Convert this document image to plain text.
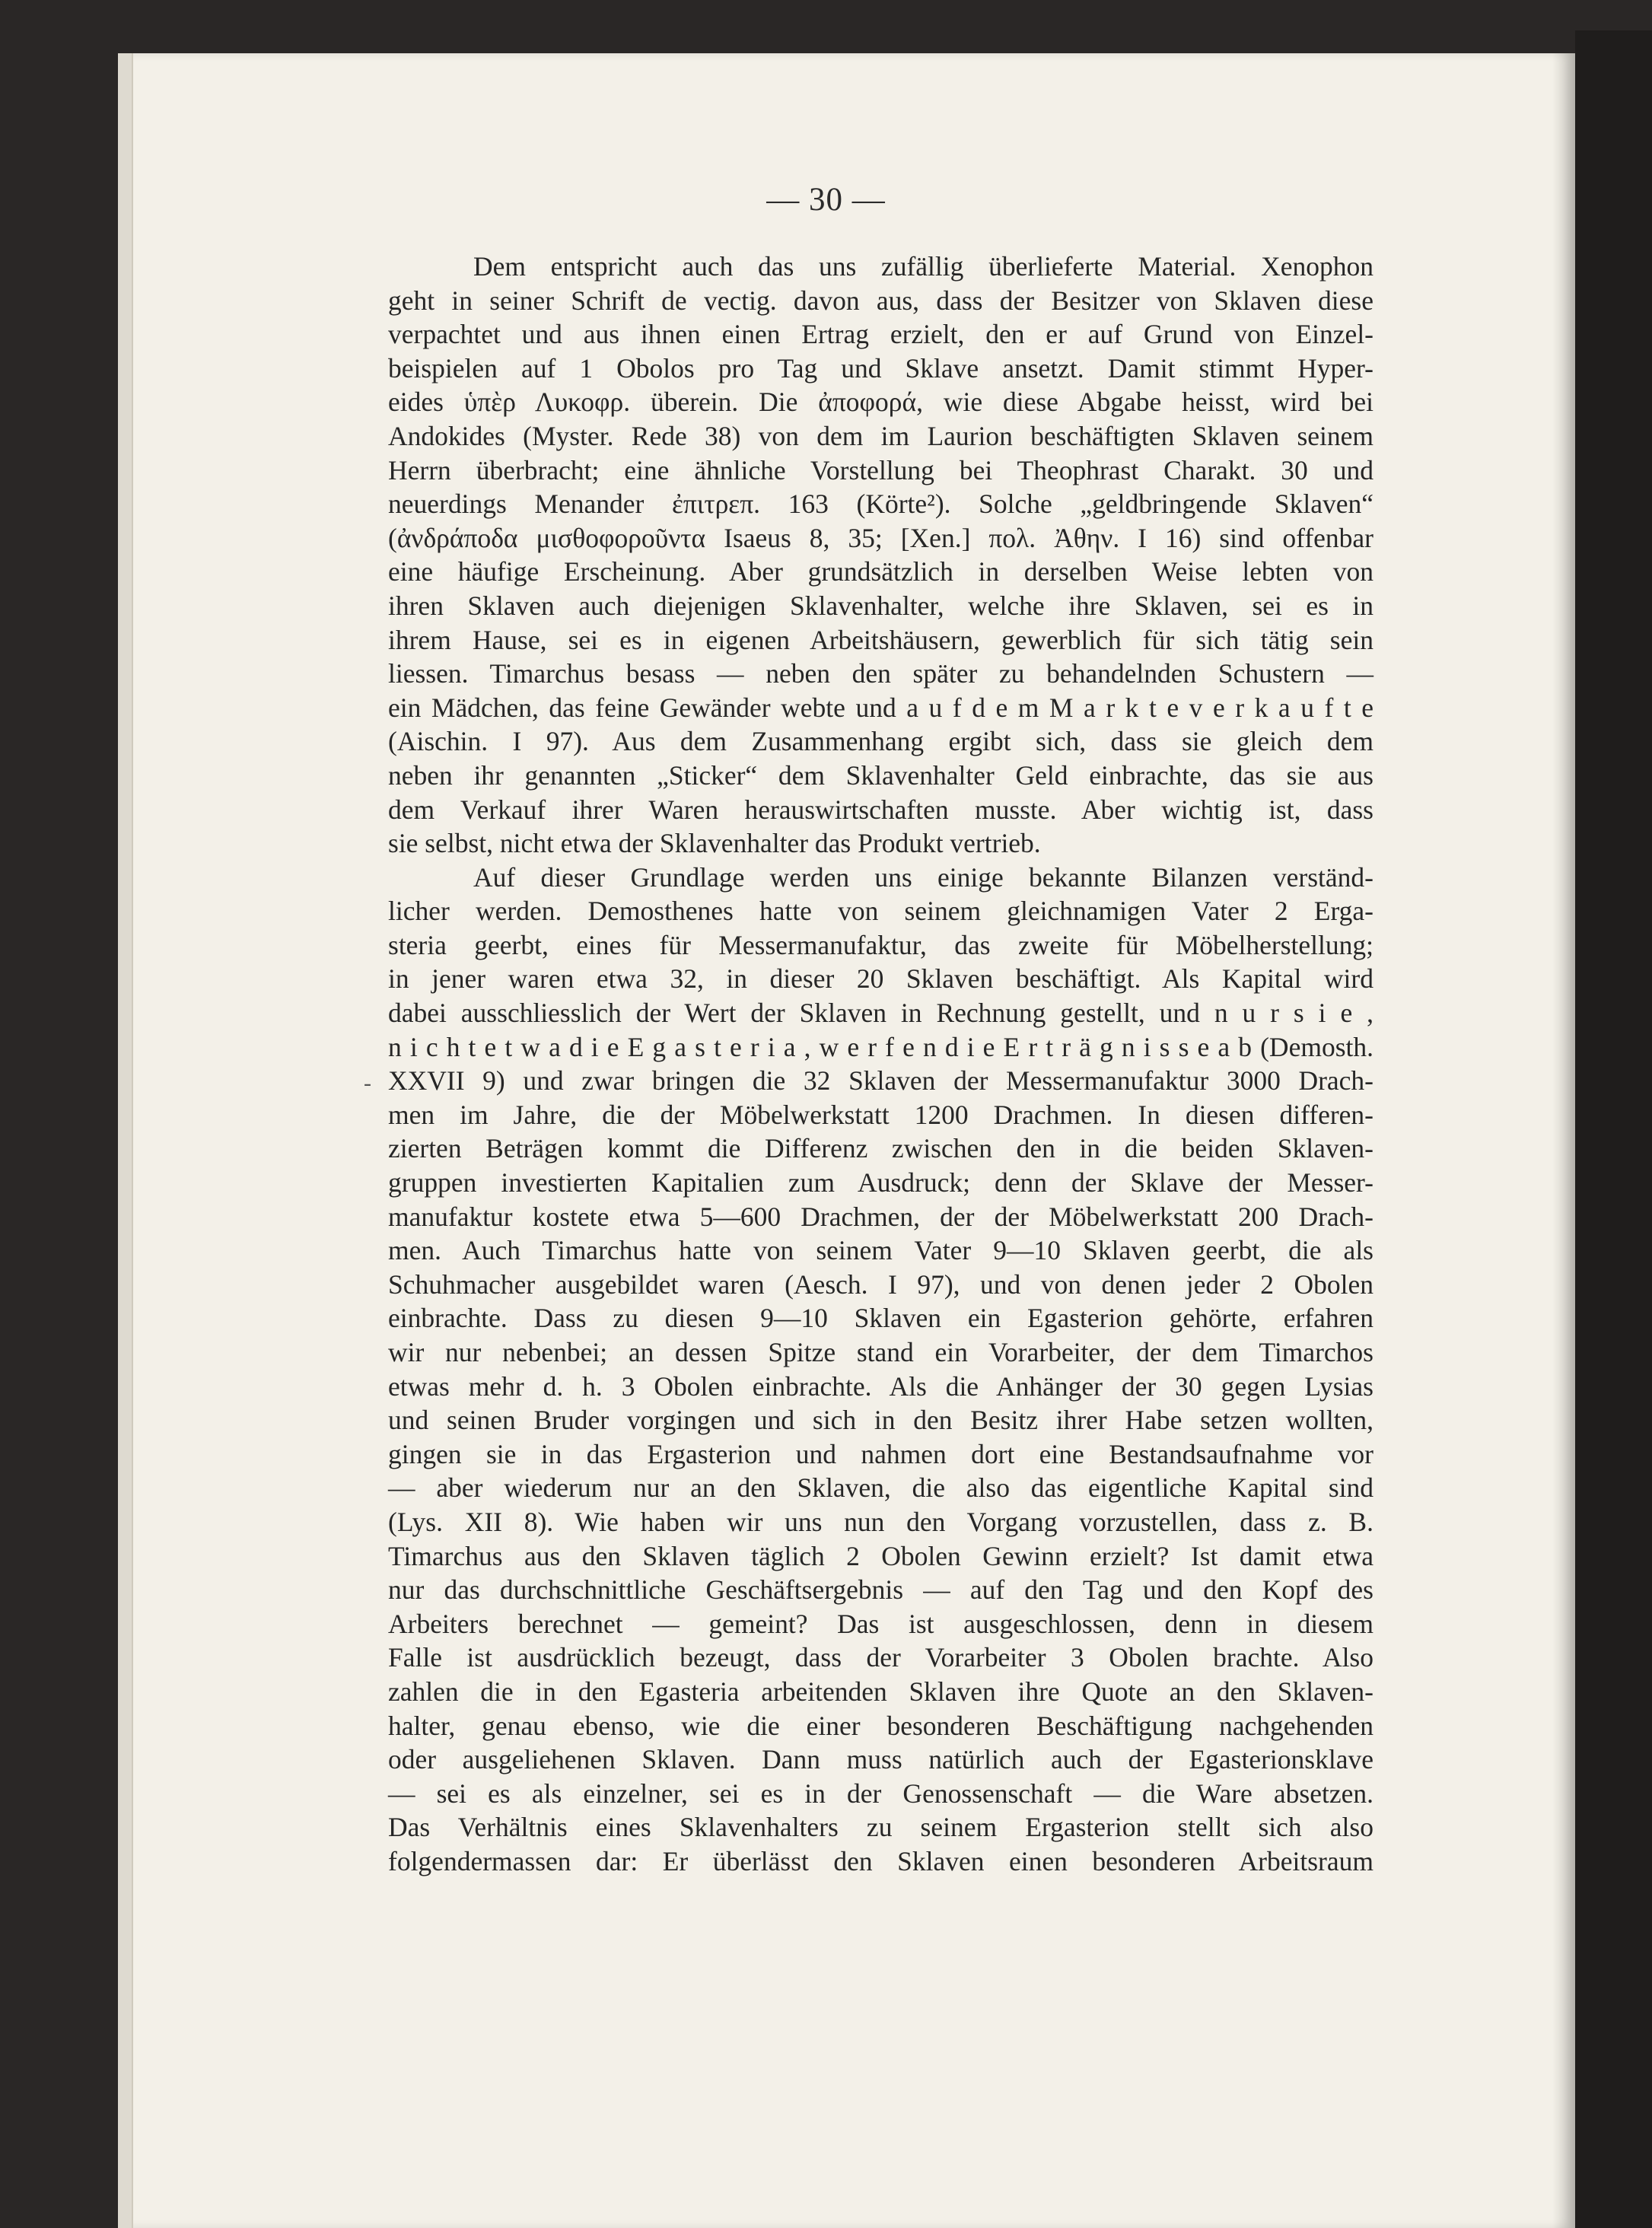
— 30 —
-
Dem entspricht auch das uns zufällig überlieferte Material. Xenophon
geht in seiner Schrift de vectig. davon aus, dass der Besitzer von Sklaven diese
verpachtet und aus ihnen einen Ertrag erzielt, den er auf Grund von Einzel-
beispielen auf 1 Obolos pro Tag und Sklave ansetzt. Damit stimmt Hyper-
eides ὑπὲρ Λυκοφρ. überein. Die ἀποφορά, wie diese Abgabe heisst, wird bei
Andokides (Myster. Rede 38) von dem im Laurion beschäftigten Sklaven seinem
Herrn überbracht; eine ähnliche Vorstellung bei Theophrast Charakt. 30 und
neuerdings Menander ἐπιτρεπ. 163 (Körte²). Solche „geldbringende Sklaven“
(ἀνδράποδα μισθοφοροῦντα Isaeus 8, 35; [Xen.] πολ. Ἀθην. I 16) sind offenbar
eine häufige Erscheinung. Aber grundsätzlich in derselben Weise lebten von
ihren Sklaven auch diejenigen Sklavenhalter, welche ihre Sklaven, sei es in
ihrem Hause, sei es in eigenen Arbeitshäusern, gewerblich für sich tätig sein
liessen. Timarchus besass — neben den später zu behandelnden Schustern —
ein Mädchen, das feine Gewänder webte und a u f d e m M a r k t e v e r k a u f t e
(Aischin. I 97). Aus dem Zusammenhang ergibt sich, dass sie gleich dem
neben ihr genannten „Sticker“ dem Sklavenhalter Geld einbrachte, das sie aus
dem Verkauf ihrer Waren herauswirtschaften musste. Aber wichtig ist, dass
sie selbst, nicht etwa der Sklavenhalter das Produkt vertrieb.
Auf dieser Grundlage werden uns einige bekannte Bilanzen verständ-
licher werden. Demosthenes hatte von seinem gleichnamigen Vater 2 Erga-
steria geerbt, eines für Messermanufaktur, das zweite für Möbelherstellung;
in jener waren etwa 32, in dieser 20 Sklaven beschäftigt. Als Kapital wird
dabei ausschliesslich der Wert der Sklaven in Rechnung gestellt, und n u r s i e ,
n i c h t e t w a d i e E g a s t e r i a , w e r f e n d i e E r t r ä g n i s s e a b (Demosth.
XXVII 9) und zwar bringen die 32 Sklaven der Messermanufaktur 3000 Drach-
men im Jahre, die der Möbelwerkstatt 1200 Drachmen. In diesen differen-
zierten Beträgen kommt die Differenz zwischen den in die beiden Sklaven-
gruppen investierten Kapitalien zum Ausdruck; denn der Sklave der Messer-
manufaktur kostete etwa 5—600 Drachmen, der der Möbelwerkstatt 200 Drach-
men. Auch Timarchus hatte von seinem Vater 9—10 Sklaven geerbt, die als
Schuhmacher ausgebildet waren (Aesch. I 97), und von denen jeder 2 Obolen
einbrachte. Dass zu diesen 9—10 Sklaven ein Egasterion gehörte, erfahren
wir nur nebenbei; an dessen Spitze stand ein Vorarbeiter, der dem Timarchos
etwas mehr d. h. 3 Obolen einbrachte. Als die Anhänger der 30 gegen Lysias
und seinen Bruder vorgingen und sich in den Besitz ihrer Habe setzen wollten,
gingen sie in das Ergasterion und nahmen dort eine Bestandsaufnahme vor
— aber wiederum nur an den Sklaven, die also das eigentliche Kapital sind
(Lys. XII 8). Wie haben wir uns nun den Vorgang vorzustellen, dass z. B.
Timarchus aus den Sklaven täglich 2 Obolen Gewinn erzielt? Ist damit etwa
nur das durchschnittliche Geschäftsergebnis — auf den Tag und den Kopf des
Arbeiters berechnet — gemeint? Das ist ausgeschlossen, denn in diesem
Falle ist ausdrücklich bezeugt, dass der Vorarbeiter 3 Obolen brachte. Also
zahlen die in den Egasteria arbeitenden Sklaven ihre Quote an den Sklaven-
halter, genau ebenso, wie die einer besonderen Beschäftigung nachgehenden
oder ausgeliehenen Sklaven. Dann muss natürlich auch der Egasterionsklave
— sei es als einzelner, sei es in der Genossenschaft — die Ware absetzen.
Das Verhältnis eines Sklavenhalters zu seinem Ergasterion stellt sich also
folgendermassen dar: Er überlässt den Sklaven einen besonderen Arbeitsraum
